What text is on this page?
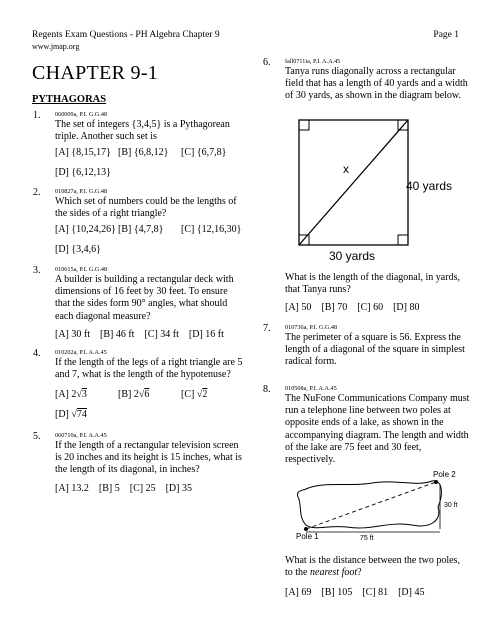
Regents Exam Questions - PH Algebra Chapter 9	Page 1
www.jmap.org
CHAPTER 9-1
PYTHAGORAS
1. 060009a, P.I. G.G.48
The set of integers {3,4,5} is a Pythagorean triple. Another such set is
[A] {8,15,17} [B] {6,8,12}	[C] {6,7,8}
[D] {6,12,13}
2. 010827a, P.I. G.G.48
Which set of numbers could be the lengths of the sides of a right triangle?
[A] {10,24,26} [B] {4,7,8}	[C] {12,16,30}
[D] {3,4,6}
3. 010615a, P.I. G.G.48
A builder is building a rectangular deck with dimensions of 16 feet by 30 feet. To ensure that the sides form 90° angles, what should each diagonal measure?
[A] 30 ft [B] 46 ft [C] 34 ft [D] 16 ft
4. 010202a, P.I. A.A.45
If the length of the legs of a right triangle are 5 and 7, what is the length of the hypotenuse?
[A] 2√3	[B] 2√6	[C] √2
[D] √74
5. 060710a, P.I. A.A.45
If the length of a rectangular television screen is 20 inches and its height is 15 inches, what is the length of its diagonal, in inches?
[A] 13.2 [B] 5 [C] 25 [D] 35
6. fall0711ia, P.I. A.A.45
Tanya runs diagonally across a rectangular field that has a length of 40 yards and a width of 30 yards, as shown in the diagram below.
x
40 yards
30 yards
What is the length of the diagonal, in yards, that Tanya runs?
[A] 50 [B] 70 [C] 60 [D] 80
7. 010736a, P.I. G.G.48
The perimeter of a square is 56. Express the length of a diagonal of the square in simplest radical form.
8. 010508a, P.I. A.A.45
The NuFone Communications Company must run a telephone line between two poles at opposite ends of a lake, as shown in the accompanying diagram. The length and width of the lake are 75 feet and 30 feet, respectively.
Pole 2
30 ft
Pole 1	75 ft
What is the distance between the two poles, to the nearest foot?
[A] 69 [B] 105 [C] 81 [D] 45
